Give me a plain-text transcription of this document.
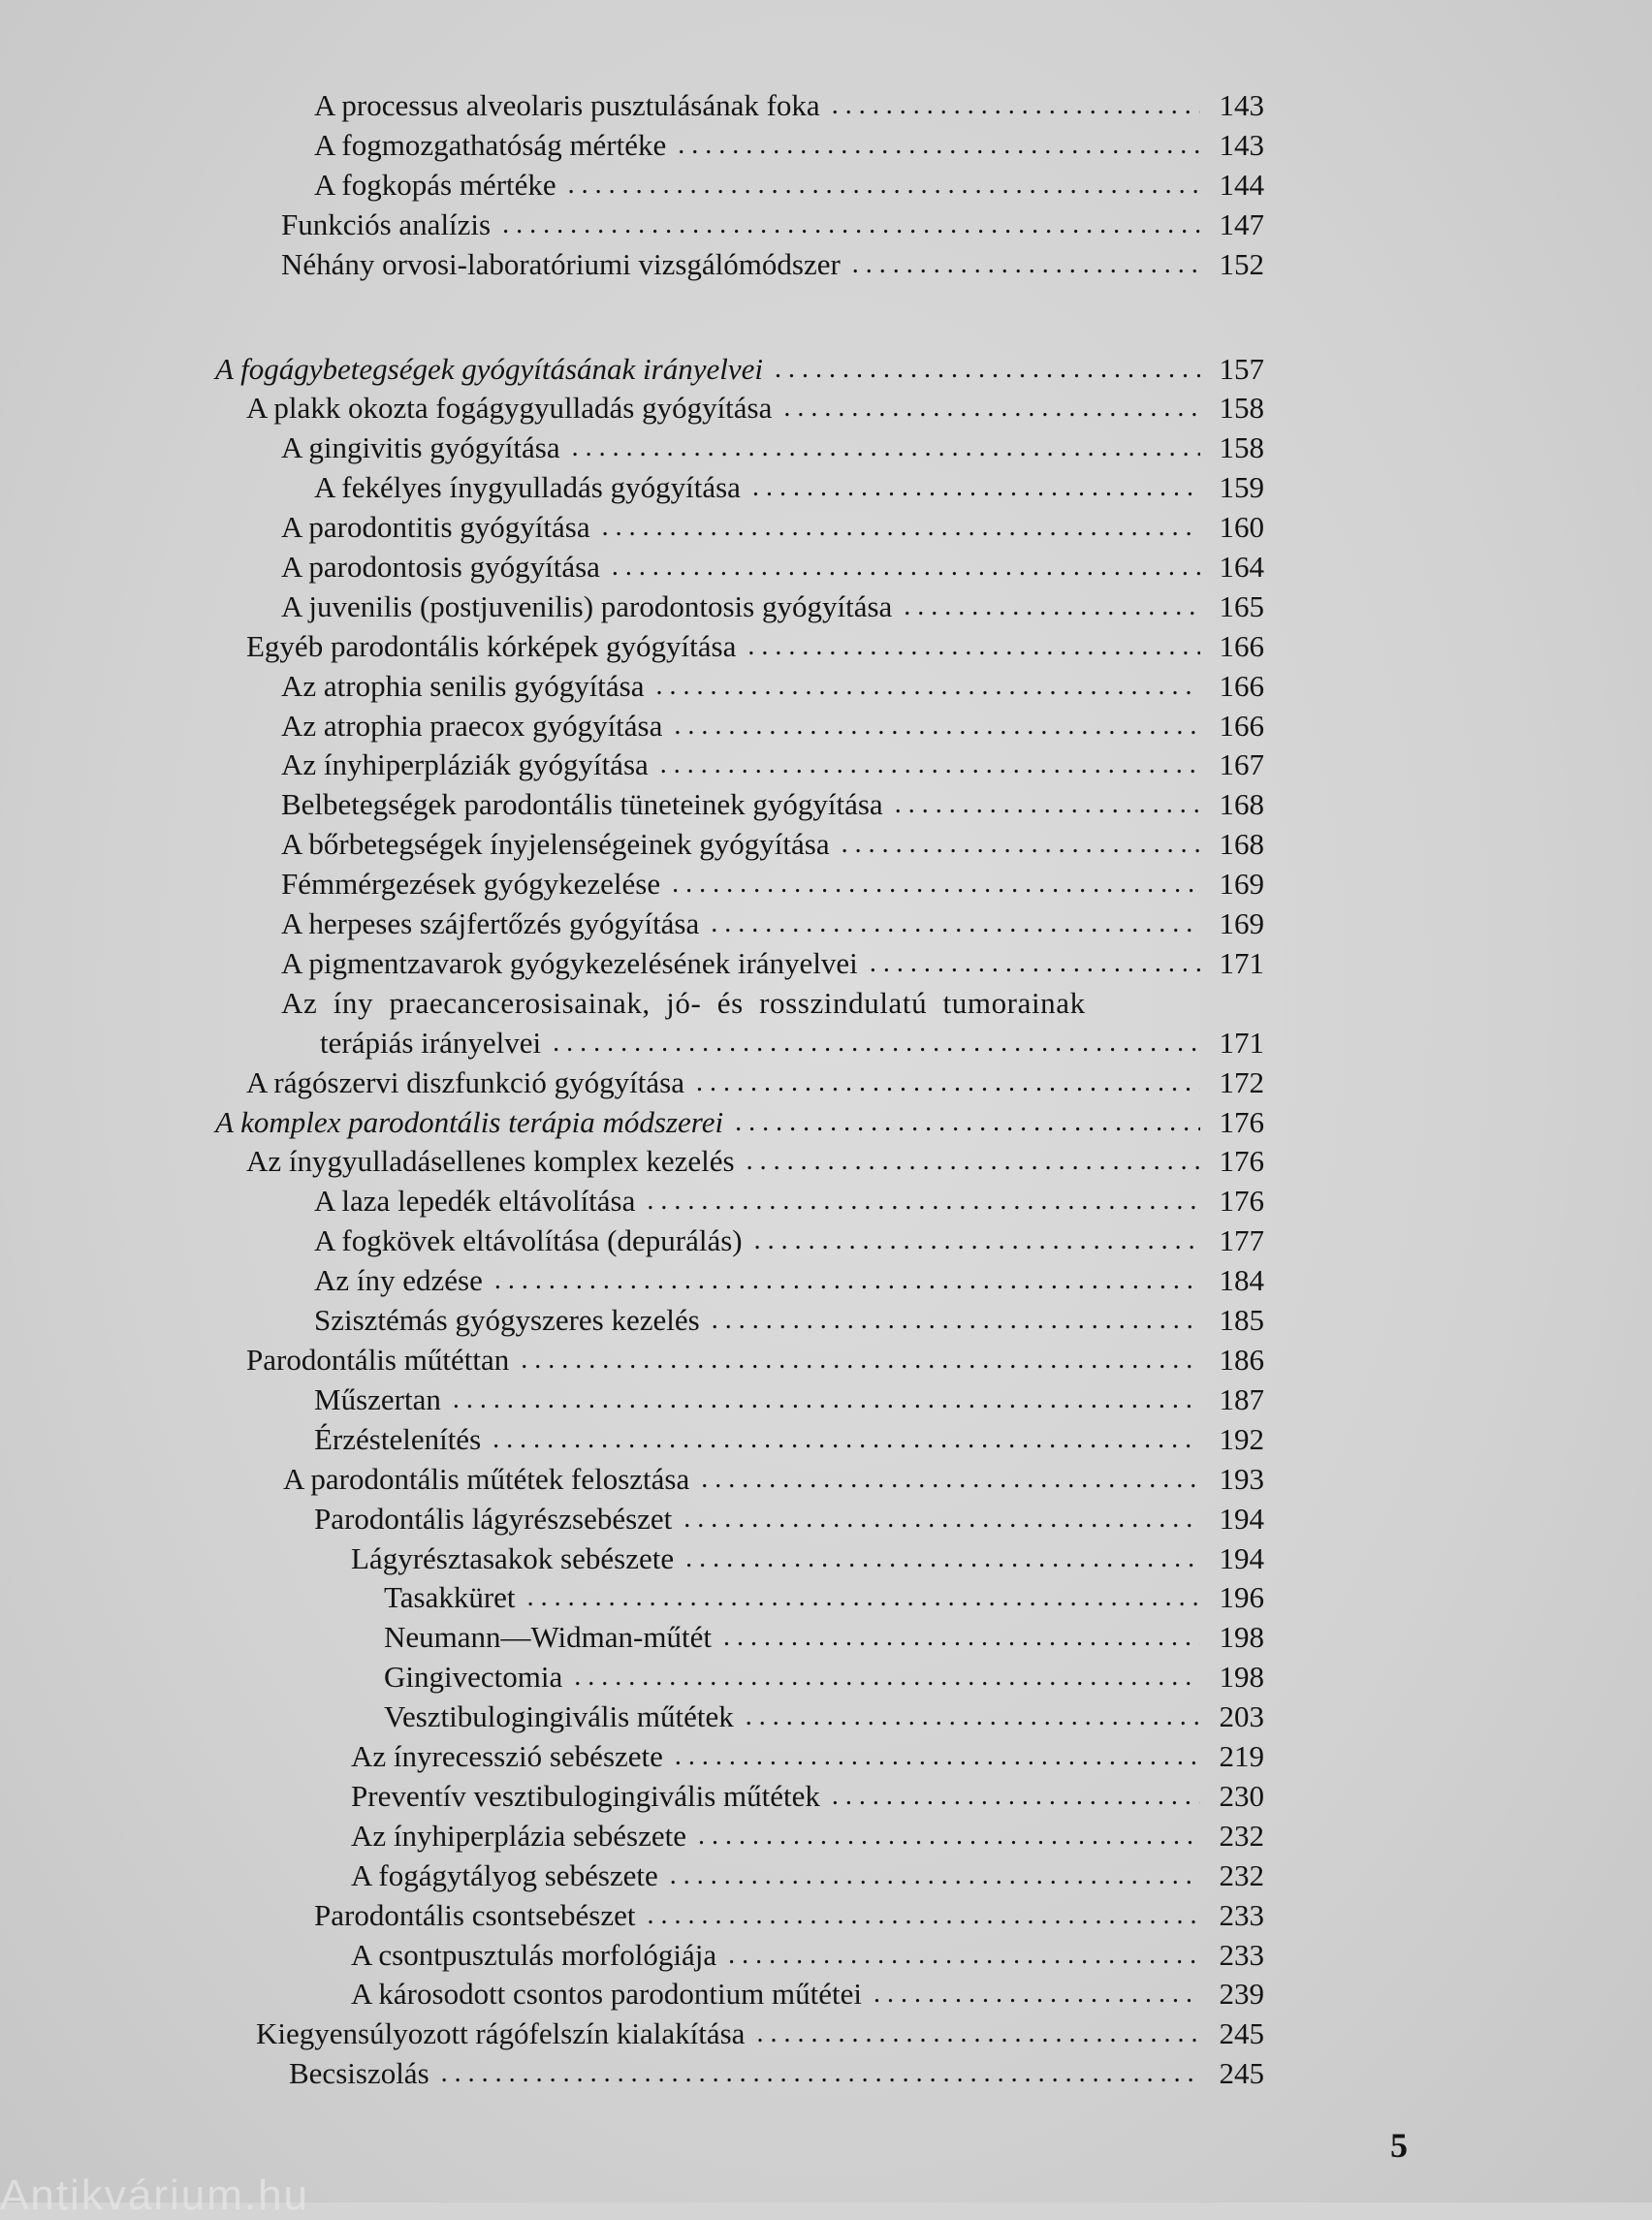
A processus alveolaris pusztulásának foka . . .	143
A fogmozgathatóság mértéke . . .	143
A fogkopás mértéke . . .	144
Funkciós analízis . . .	147
Néhány orvosi-laboratóriumi vizsgálómódszer . . .	152
A fogágybetegségek gyógyításának irányelvei . . .	157
A plakk okozta fogágygyulladás gyógyítása . . .	158
A gingivitis gyógyítása . . .	158
A fekélyes ínygyulladás gyógyítása . . .	159
A parodontitis gyógyítása . . .	160
A parodontosis gyógyítása . . .	164
A juvenilis (postjuvenilis) parodontosis gyógyítása . . .	165
Egyéb parodontális kórképek gyógyítása . . .	166
Az atrophia senilis gyógyítása . . .	166
Az atrophia praecox gyógyítása . . .	166
Az ínyhiperpláziák gyógyítása . . .	167
Belbetegségek parodontális tüneteinek gyógyítása . . .	168
A bőrbetegségek ínyjelenségeinek gyógyítása . . .	168
Fémmérgezések gyógykezelése . . .	169
A herpeses szájfertőzés gyógyítása . . .	169
A pigmentzavarok gyógykezelésének irányelvei . . .	171
Az íny praecancerosisainak, jó- és rosszindulatú tumorainak
terápiás irányelvei . . .	171
A rágószervi diszfunkció gyógyítása . . .	172
A komplex parodontális terápia módszerei . . .	176
Az ínygyulladásellenes komplex kezelés . . .	176
A laza lepedék eltávolítása . . .	176
A fogkövek eltávolítása (depurálás) . . .	177
Az íny edzése . . .	184
Szisztémás gyógyszeres kezelés . . .	185
Parodontális műtéttan . . .	186
Műszertan . . .	187
Érzéstelenítés . . .	192
A parodontális műtétek felosztása . . .	193
Parodontális lágyrészsebészet . . .	194
Lágyrésztasakok sebészete . . .	194
Tasakküret . . .	196
Neumann—Widman-műtét . . .	198
Gingivectomia . . .	198
Vesztibulogingivális műtétek . . .	203
Az ínyrecesszió sebészete . . .	219
Preventív vesztibulogingivális műtétek . . .	230
Az ínyhiperplázia sebészete . . .	232
A fogágytályog sebészete . . .	232
Parodontális csontsebészet . . .	233
A csontpusztulás morfológiája . . .	233
A károsodott csontos parodontium műtétei . . .	239
Kiegyensúlyozott rágófelszín kialakítása . . .	245
Becsiszolás . . .	245
5
Antikvárium.hu
